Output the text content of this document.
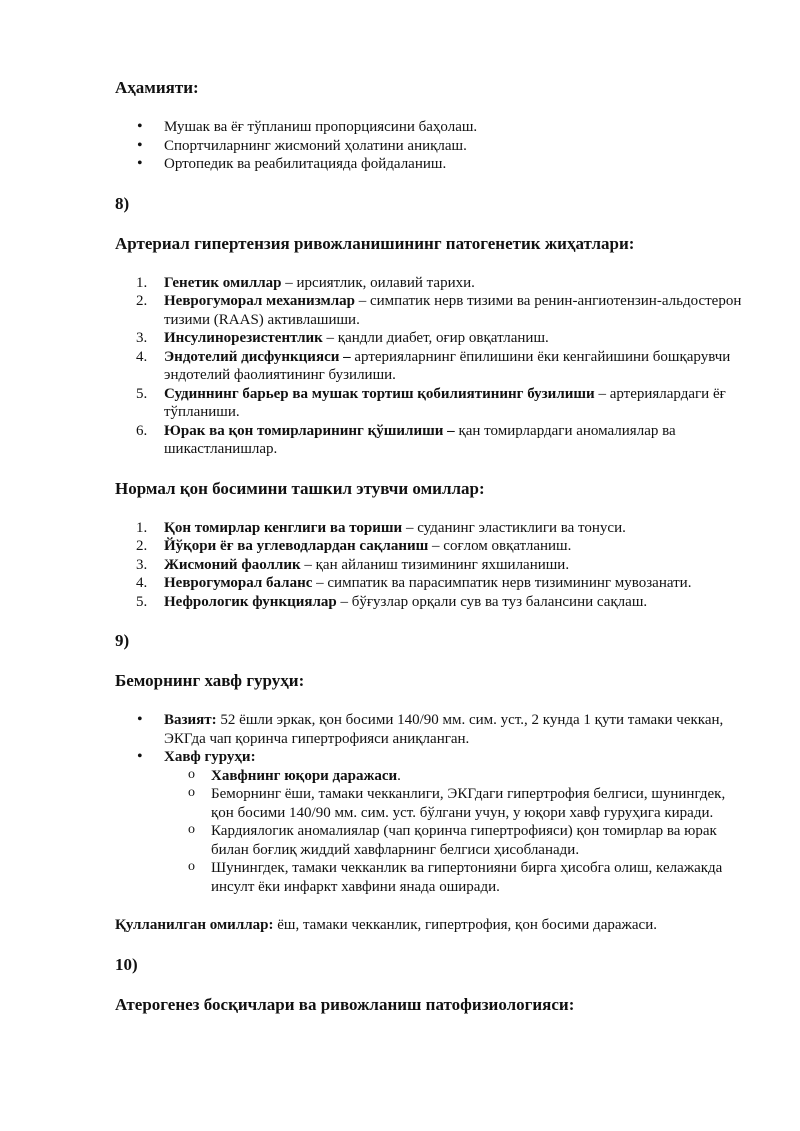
Аҳамияти:
• Мушак ва ёғ тўпланиш пропорциясини баҳолаш.
• Спортчиларнинг жисмоний ҳолатини аниқлаш.
• Ортопедик ва реабилитацияда фойдаланиш.

8)

Артериал гипертензия ривожланишининг патогенетик жиҳатлари:
1. Генетик омиллар – ирсиятлик, оилавий тарихи.
2. Неврогуморал механизмлар – симпатик нерв тизими ва ренин-ангиотензин-альдостерон тизими (RAAS) активлашиши.
3. Инсулинорезистентлик – қандли диабет, оғир овқатланиш.
4. Эндотелий дисфункцияси – артерияларнинг ёпилишини ёки кенгайишини бошқарувчи эндотелий фаолиятининг бузилиши.
5. Судиннинг барьер ва мушак тортиш қобилиятининг бузилиши – артериялардаги ёғ тўпланиши.
6. Юрак ва қон томирларининг қўшилиши – қан томирлардаги аномалиялар ва шикастланишлар.
Нормал қон босимини ташкил этувчи омиллар:
1. Қон томирлар кенглиги ва ториши – суданинг эластиклиги ва тонуси.
2. Йўқори ёғ ва углеводлардан сақланиш – соғлом овқатланиш.
3. Жисмоний фаоллик – қан айланиш тизимининг яхшиланиши.
4. Неврогуморал баланс – симпатик ва парасимпатик нерв тизимининг мувозанати.
5. Нефрологик функциялар – бўғузлар орқали сув ва туз балансини сақлаш.

9)

Беморнинг хавф гуруҳи:
• Вазият: 52 ёшли эркак, қон босими 140/90 мм. сим. уст., 2 кунда 1 қути тамаки чеккан, ЭКГда чап қоринча гипертрофияси аниқланган.
• Хавф гуруҳи:
o Хавфнинг юқори даражаси.
o Беморнинг ёши, тамаки чекканлиги, ЭКГдаги гипертрофия белгиси, шунингдек, қон босими 140/90 мм. сим. уст. бўлгани учун, у юқори хавф гуруҳига киради.
o Кардиялогик аномалиялар (чап қоринча гипертрофияси) қон томирлар ва юрак билан боғлиқ жиддий хавфларнинг белгиси ҳисобланади.
o Шунингдек, тамаки чекканлик ва гипертонияни бирга ҳисобга олиш, келажакда инсулт ёки инфаркт хавфини янада оширади.

Қулланилган омиллар: ёш, тамаки чекканлик, гипертрофия, қон босими даражаси.

10)

Атерогенез босқичлари ва ривожланиш патофизиологияси:
